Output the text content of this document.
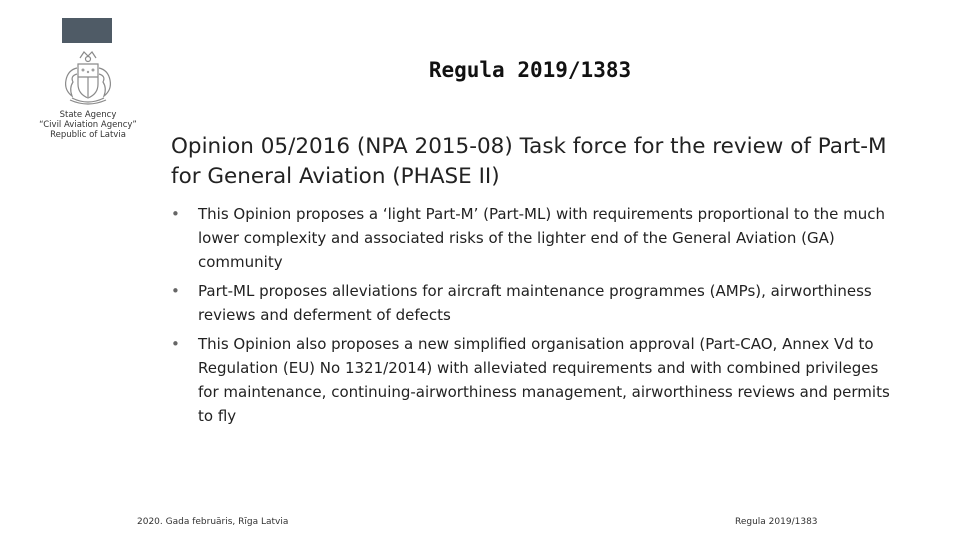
State Agency
“Civil Aviation Agency”
Republic of Latvia
Regula 2019/1383
Opinion 05/2016 (NPA 2015-08) Task force for the review of Part-M for General Aviation (PHASE II)
•	This Opinion proposes a ‘light Part-M’ (Part-ML) with requirements proportional to the much lower complexity and associated risks of the lighter end of the General Aviation (GA) community
•	Part-ML proposes alleviations for aircraft maintenance programmes (AMPs), airworthiness reviews and deferment of defects
•	This Opinion also proposes a new simplified organisation approval (Part-CAO, Annex Vd to Regulation (EU) No 1321/2014) with alleviated requirements and with combined privileges for maintenance, continuing-airworthiness management, airworthiness reviews and permits to fly
2020. Gada februāris, Rīga Latvia	Regula 2019/1383
